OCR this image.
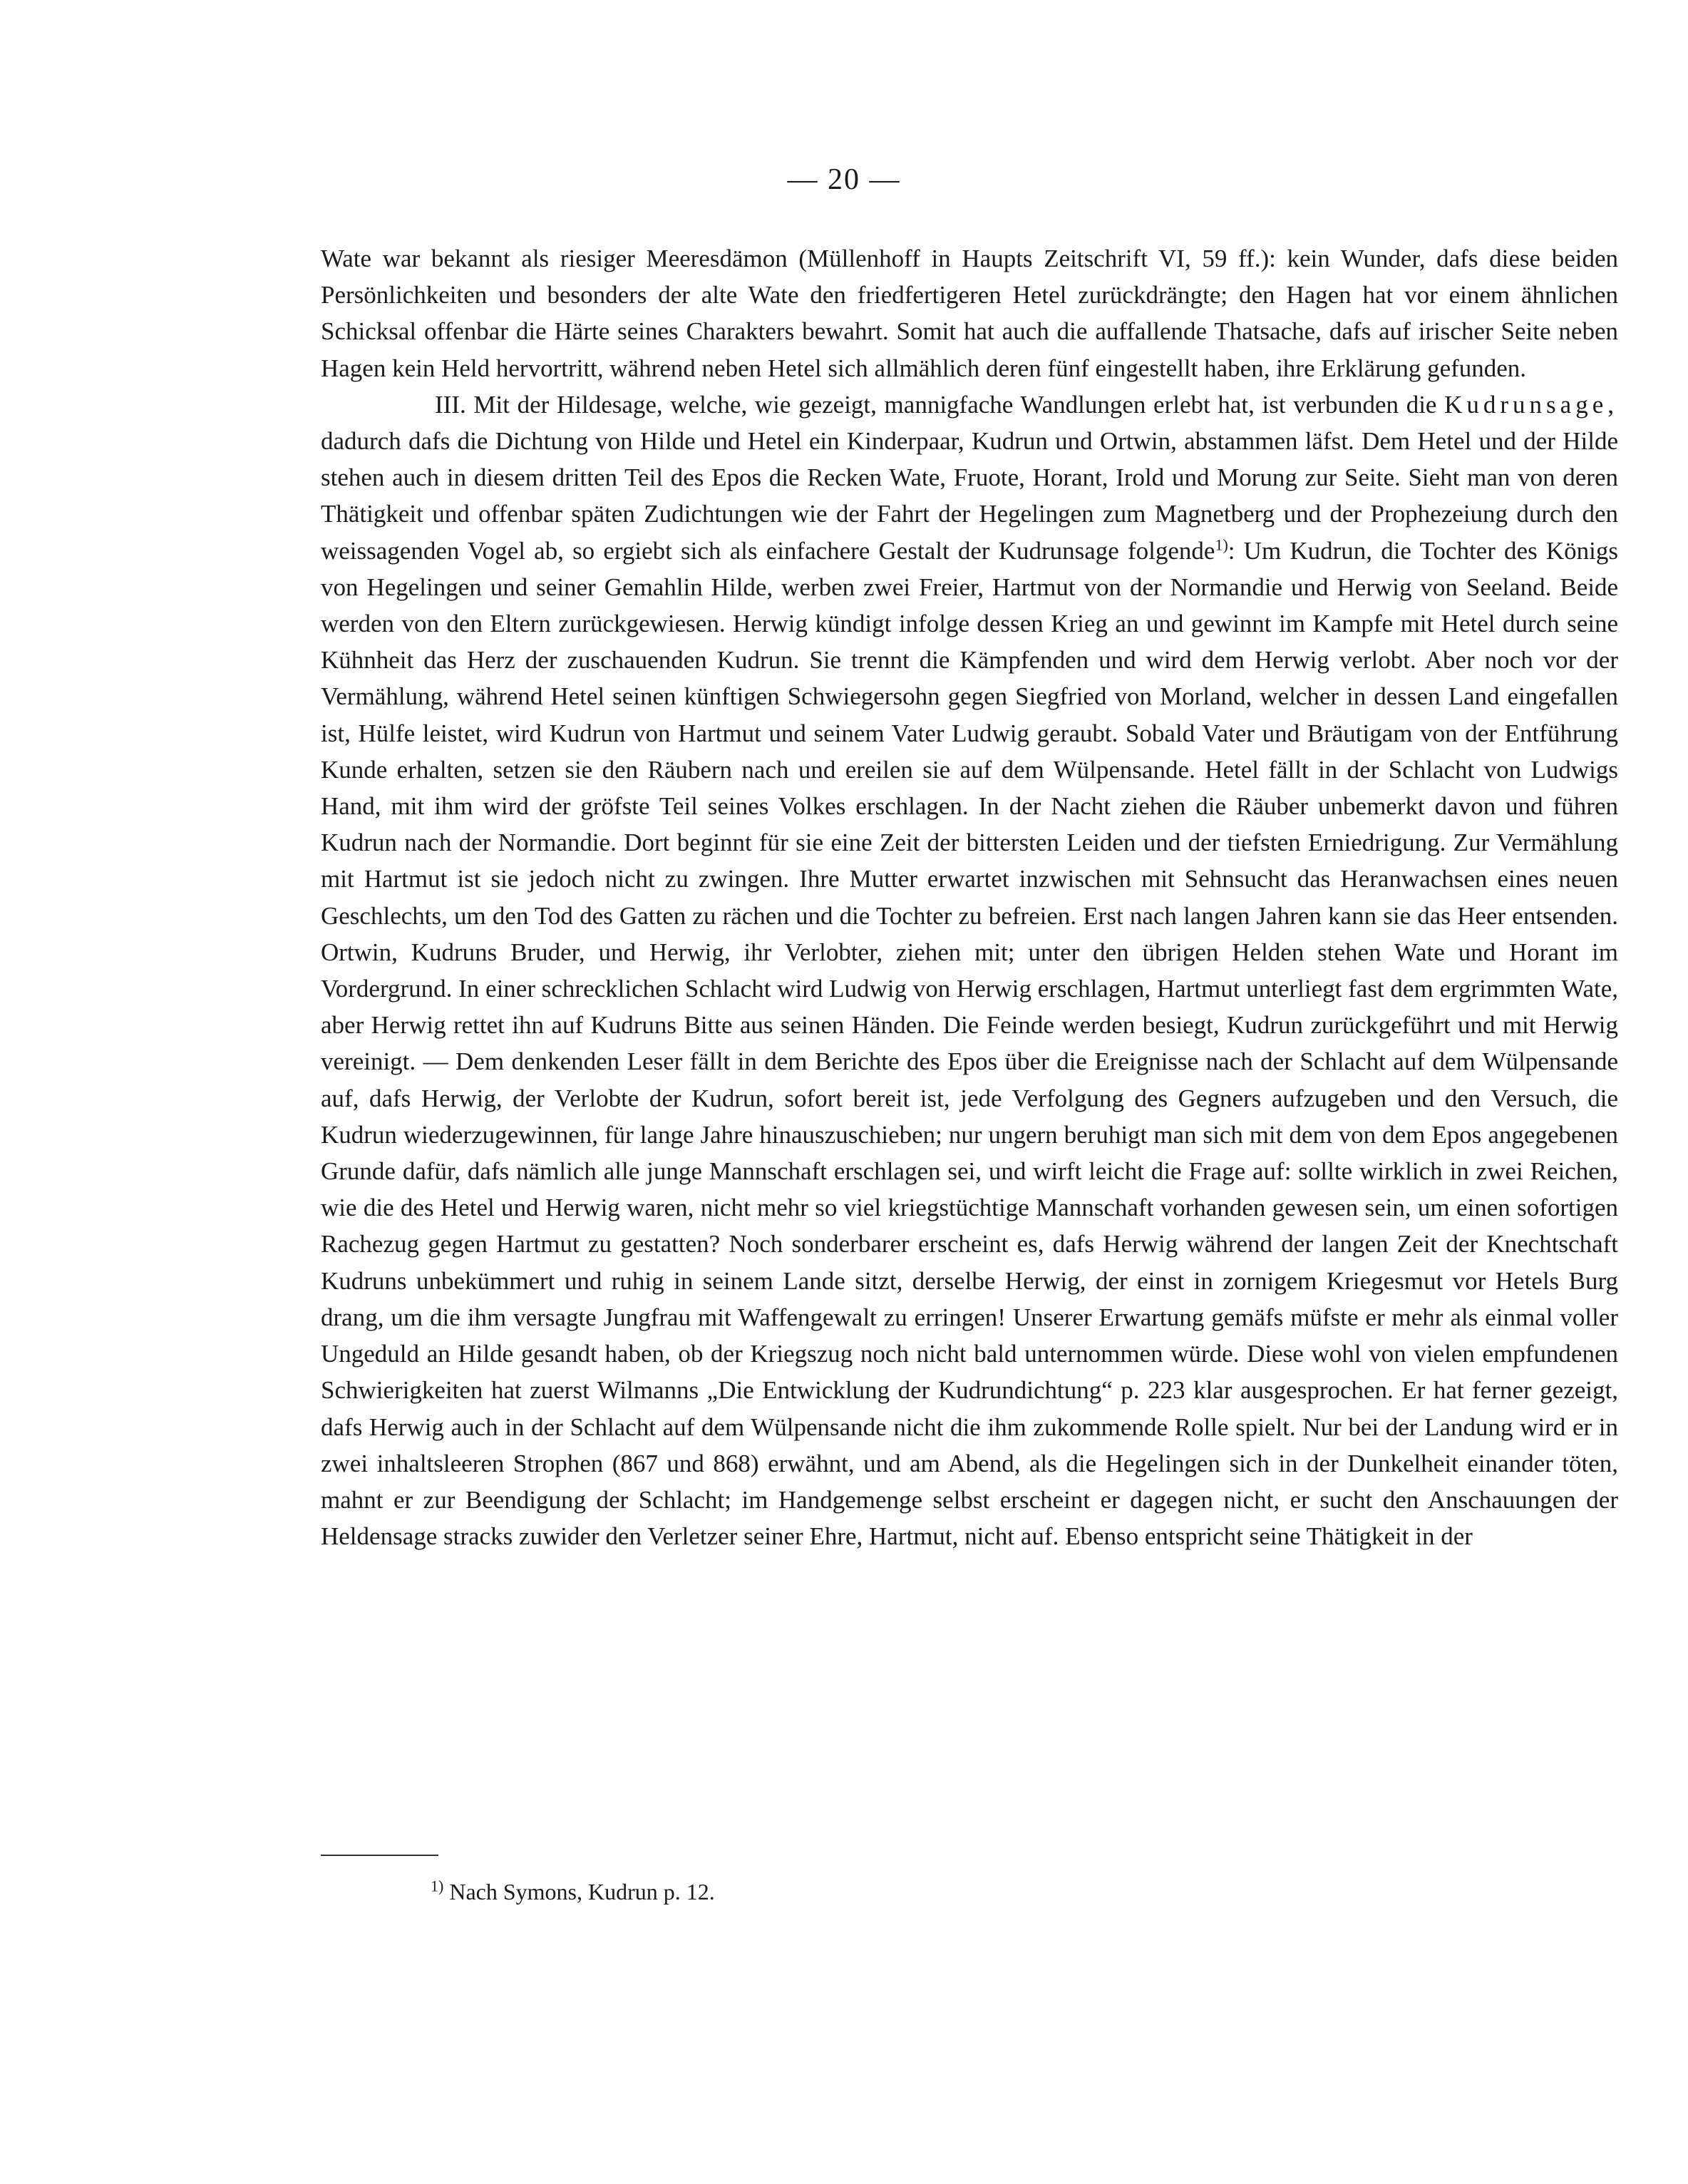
— 20 —

Wate war bekannt als riesiger Meeresdämon (Müllenhoff in Haupts Zeitschrift VI, 59 ff.): kein Wunder, dafs diese beiden Persönlichkeiten und besonders der alte Wate den friedfertigeren Hetel zurückdrängte; den Hagen hat vor einem ähnlichen Schicksal offenbar die Härte seines Charakters bewahrt. Somit hat auch die auffallende Thatsache, dafs auf irischer Seite neben Hagen kein Held hervortritt, während neben Hetel sich allmählich deren fünf eingestellt haben, ihre Erklärung gefunden.

III. Mit der Hildesage, welche, wie gezeigt, mannigfache Wandlungen erlebt hat, ist verbunden die Kudrunsage, dadurch dafs die Dichtung von Hilde und Hetel ein Kinderpaar, Kudrun und Ortwin, abstammen läfst. Dem Hetel und der Hilde stehen auch in diesem dritten Teil des Epos die Recken Wate, Fruote, Horant, Irold und Morung zur Seite. Sieht man von deren Thätigkeit und offenbar späten Zudichtungen wie der Fahrt der Hegelingen zum Magnetberg und der Prophezeiung durch den weissagenden Vogel ab, so ergiebt sich als einfachere Gestalt der Kudrunsage folgende$^{1)}$: Um Kudrun, die Tochter des Königs von Hegelingen und seiner Gemahlin Hilde, werben zwei Freier, Hartmut von der Normandie und Herwig von Seeland. Beide werden von den Eltern zurückgewiesen. Herwig kündigt infolge dessen Krieg an und gewinnt im Kampfe mit Hetel durch seine Kühnheit das Herz der zuschauenden Kudrun. Sie trennt die Kämpfenden und wird dem Herwig verlobt. Aber noch vor der Vermählung, während Hetel seinen künftigen Schwiegersohn gegen Siegfried von Morland, welcher in dessen Land eingefallen ist, Hülfe leistet, wird Kudrun von Hartmut und seinem Vater Ludwig geraubt. Sobald Vater und Bräutigam von der Entführung Kunde erhalten, setzen sie den Räubern nach und ereilen sie auf dem Wülpensande. Hetel fällt in der Schlacht von Ludwigs Hand, mit ihm wird der gröfste Teil seines Volkes erschlagen. In der Nacht ziehen die Räuber unbemerkt davon und führen Kudrun nach der Normandie. Dort beginnt für sie eine Zeit der bittersten Leiden und der tiefsten Erniedrigung. Zur Vermählung mit Hartmut ist sie jedoch nicht zu zwingen. Ihre Mutter erwartet inzwischen mit Sehnsucht das Heranwachsen eines neuen Geschlechts, um den Tod des Gatten zu rächen und die Tochter zu befreien. Erst nach langen Jahren kann sie das Heer entsenden. Ortwin, Kudruns Bruder, und Herwig, ihr Verlobter, ziehen mit; unter den übrigen Helden stehen Wate und Horant im Vordergrund. In einer schrecklichen Schlacht wird Ludwig von Herwig erschlagen, Hartmut unterliegt fast dem ergrimmten Wate, aber Herwig rettet ihn auf Kudruns Bitte aus seinen Händen. Die Feinde werden besiegt, Kudrun zurückgeführt und mit Herwig vereinigt. — Dem denkenden Leser fällt in dem Berichte des Epos über die Ereignisse nach der Schlacht auf dem Wülpensande auf, dafs Herwig, der Verlobte der Kudrun, sofort bereit ist, jede Verfolgung des Gegners aufzugeben und den Versuch, die Kudrun wiederzugewinnen, für lange Jahre hinauszuschieben; nur ungern beruhigt man sich mit dem von dem Epos angegebenen Grunde dafür, dafs nämlich alle junge Mannschaft erschlagen sei, und wirft leicht die Frage auf: sollte wirklich in zwei Reichen, wie die des Hetel und Herwig waren, nicht mehr so viel kriegstüchtige Mannschaft vorhanden gewesen sein, um einen sofortigen Rachezug gegen Hartmut zu gestatten? Noch sonderbarer erscheint es, dafs Herwig während der langen Zeit der Knechtschaft Kudruns unbekümmert und ruhig in seinem Lande sitzt, derselbe Herwig, der einst in zornigem Kriegesmut vor Hetels Burg drang, um die ihm versagte Jungfrau mit Waffengewalt zu erringen! Unserer Erwartung gemäfs müfste er mehr als einmal voller Ungeduld an Hilde gesandt haben, ob der Kriegszug noch nicht bald unternommen würde. Diese wohl von vielen empfundenen Schwierigkeiten hat zuerst Wilmanns „Die Entwicklung der Kudrundichtung“ p. 223 klar ausgesprochen. Er hat ferner gezeigt, dafs Herwig auch in der Schlacht auf dem Wülpensande nicht die ihm zukommende Rolle spielt. Nur bei der Landung wird er in zwei inhaltsleeren Strophen (867 und 868) erwähnt, und am Abend, als die Hegelingen sich in der Dunkelheit einander töten, mahnt er zur Beendigung der Schlacht; im Handgemenge selbst erscheint er dagegen nicht, er sucht den Anschauungen der Heldensage stracks zuwider den Verletzer seiner Ehre, Hartmut, nicht auf. Ebenso entspricht seine Thätigkeit in der

$^{1)}$ Nach Symons, Kudrun p. 12.
